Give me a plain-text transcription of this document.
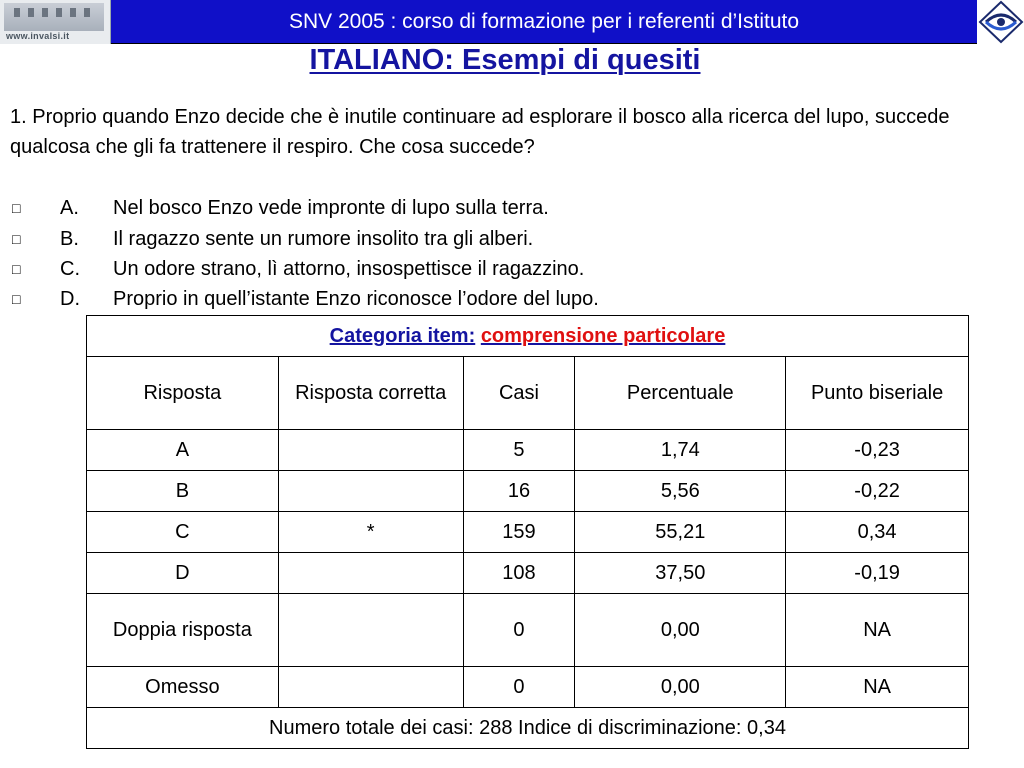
www.invalsi.it
SNV 2005 : corso di formazione per i referenti d’Istituto
ITALIANO: Esempi di quesiti
1. Proprio quando Enzo decide che è inutile continuare ad esplorare il bosco alla ricerca del lupo, succede qualcosa che gli fa trattenere il respiro. Che cosa succede?
□ A. Nel bosco Enzo vede impronte di lupo sulla terra.
□ B. Il ragazzo sente un rumore insolito tra gli alberi.
□ C. Un odore strano, lì attorno, insospettisce il ragazzino.
□ D. Proprio in quell’istante Enzo riconosce l’odore del lupo.
Categoria item: comprensione particolare				
Risposta	Risposta corretta	Casi	Percentuale	Punto biseriale
A		5	1,74	-0,23
B		16	5,56	-0,22
C	*	159	55,21	0,34
D		108	37,50	-0,19
Doppia risposta		0	0,00	NA
Omesso		0	0,00	NA
Numero totale dei casi: 288 Indice di discriminazione: 0,34				
